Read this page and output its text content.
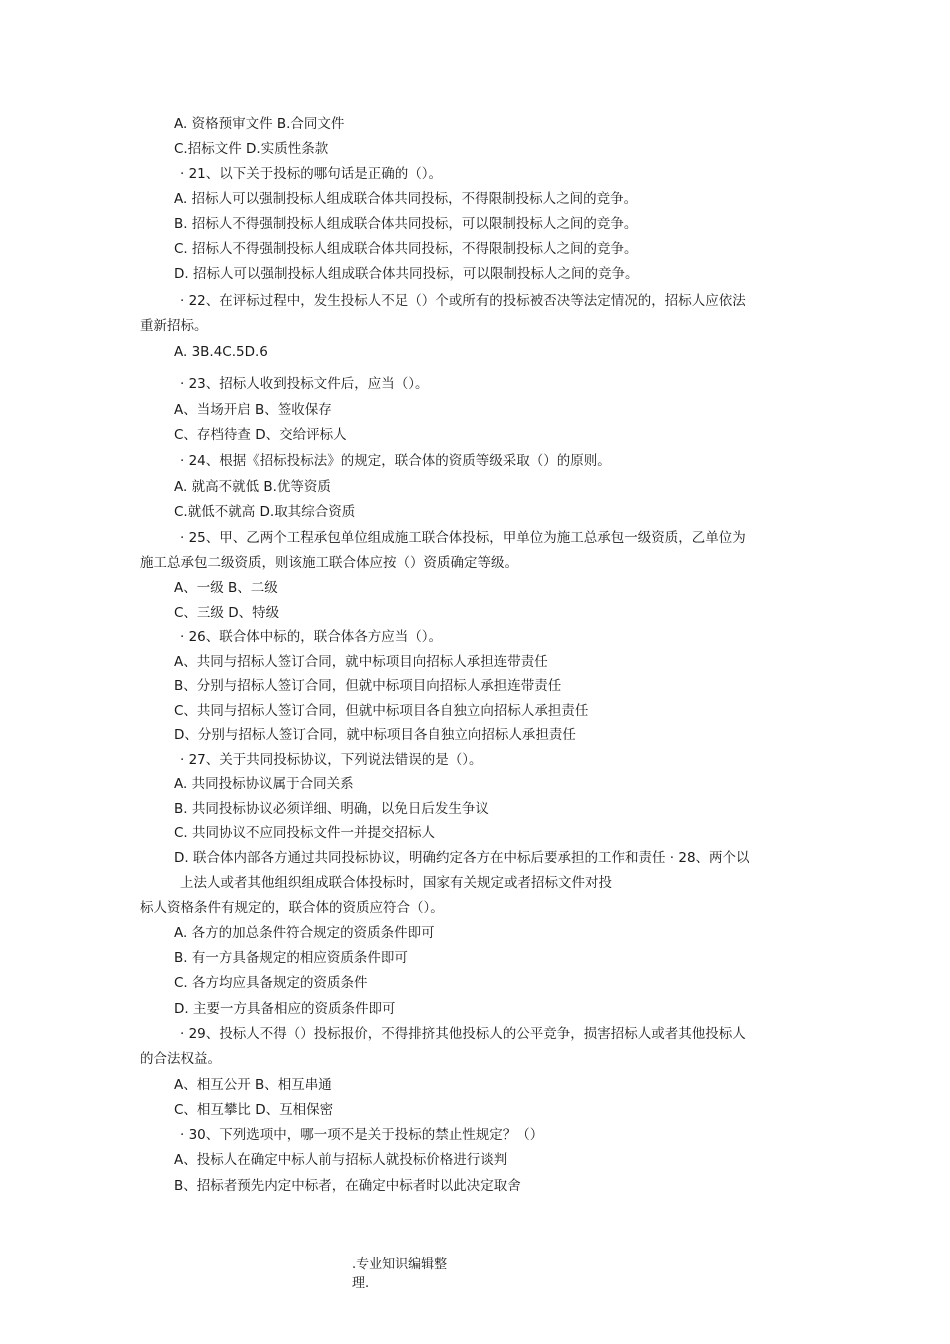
A. 资格预审文件 B.合同文件
C.招标文件 D.实质性条款
· 21、以下关于投标的哪句话是正确的（）。
A. 招标人可以强制投标人组成联合体共同投标，不得限制投标人之间的竞争。
B. 招标人不得强制投标人组成联合体共同投标，可以限制投标人之间的竞争。
C. 招标人不得强制投标人组成联合体共同投标，不得限制投标人之间的竞争。
D. 招标人可以强制投标人组成联合体共同投标，可以限制投标人之间的竞争。
· 22、在评标过程中，发生投标人不足（）个或所有的投标被否决等法定情况的，招标人应依法
重新招标。
A. 3B.4C.5D.6
· 23、招标人收到投标文件后，应当（）。
A、当场开启 B、签收保存
C、存档待查 D、交给评标人
· 24、根据《招标投标法》的规定，联合体的资质等级采取（）的原则。
A. 就高不就低 B.优等资质
C.就低不就高 D.取其综合资质
· 25、甲、乙两个工程承包单位组成施工联合体投标，甲单位为施工总承包一级资质，乙单位为
施工总承包二级资质，则该施工联合体应按（）资质确定等级。
A、一级 B、二级
C、三级 D、特级
· 26、联合体中标的，联合体各方应当（）。
A、共同与招标人签订合同，就中标项目向招标人承担连带责任
B、分别与招标人签订合同，但就中标项目向招标人承担连带责任
C、共同与招标人签订合同，但就中标项目各自独立向招标人承担责任
D、分别与招标人签订合同，就中标项目各自独立向招标人承担责任
· 27、关于共同投标协议，下列说法错误的是（）。
A. 共同投标协议属于合同关系
B. 共同投标协议必须详细、明确，以免日后发生争议
C. 共同协议不应同投标文件一并提交招标人
D. 联合体内部各方通过共同投标协议，明确约定各方在中标后要承担的工作和责任 · 28、两个以
上法人或者其他组织组成联合体投标时，国家有关规定或者招标文件对投
标人资格条件有规定的，联合体的资质应符合（）。
A. 各方的加总条件符合规定的资质条件即可
B. 有一方具备规定的相应资质条件即可
C. 各方均应具备规定的资质条件
D. 主要一方具备相应的资质条件即可
· 29、投标人不得（）投标报价，不得排挤其他投标人的公平竞争，损害招标人或者其他投标人
的合法权益。
A、相互公开 B、相互串通
C、相互攀比 D、互相保密
· 30、下列选项中，哪一项不是关于投标的禁止性规定？（）
A、投标人在确定中标人前与招标人就投标价格进行谈判
B、招标者预先内定中标者，在确定中标者时以此决定取舍
.专业知识编辑整
理.
